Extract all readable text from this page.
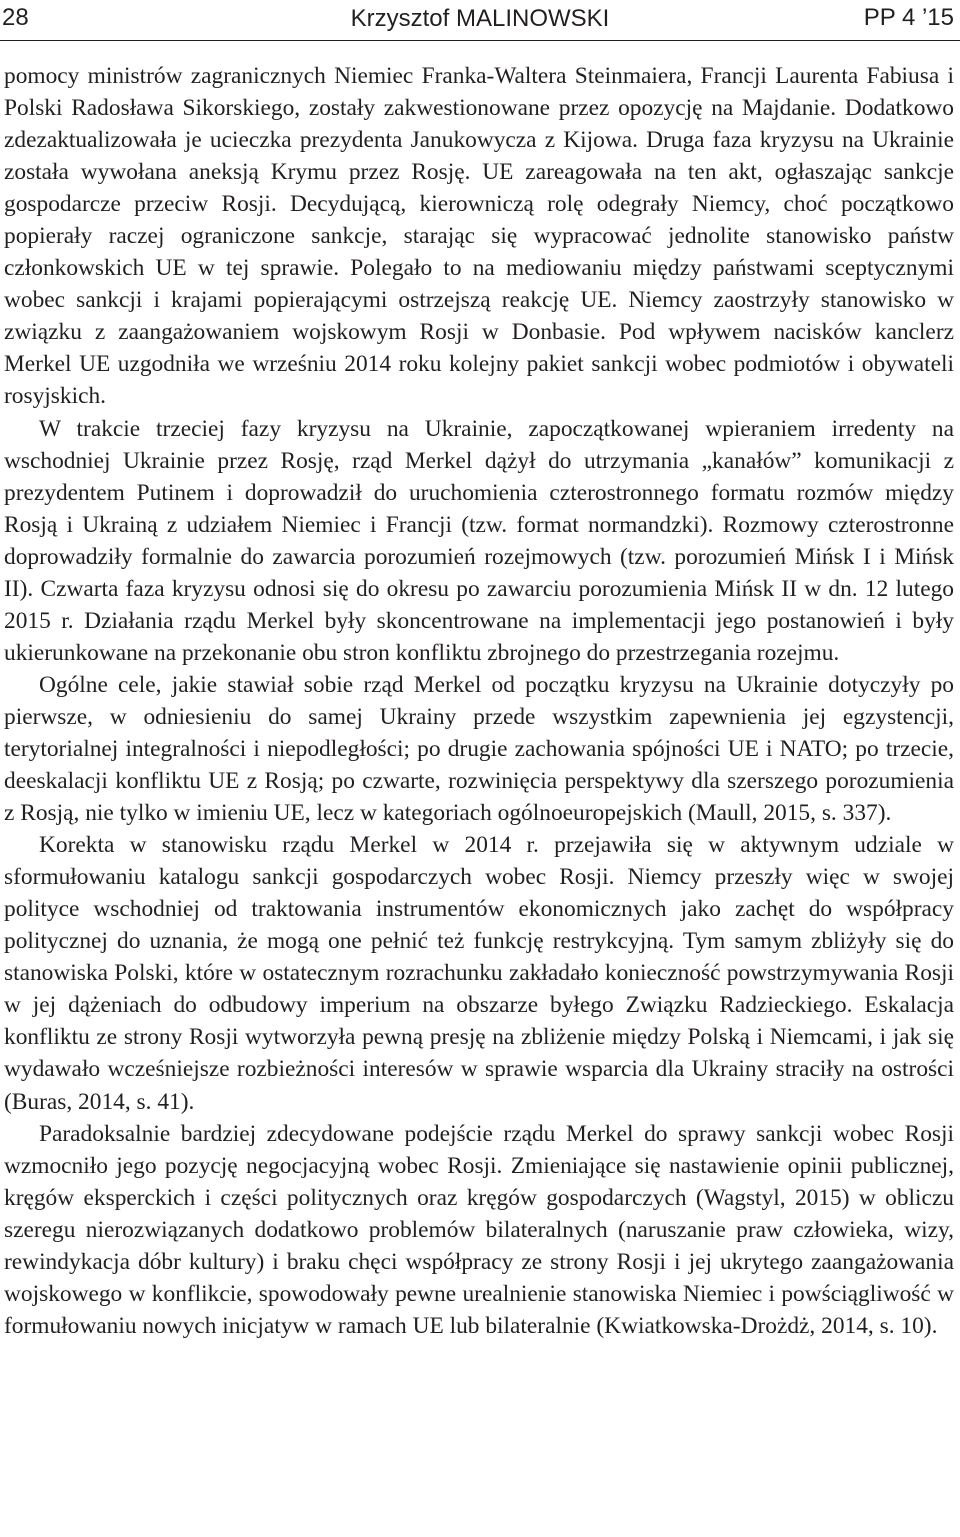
28	Krzysztof MALINOWSKI	PP 4 ’15

pomocy ministrów zagranicznych Niemiec Franka-Waltera Steinmaiera, Francji Laurenta Fabiusa i Polski Radosława Sikorskiego, zostały zakwestionowane przez opozycję na Majdanie. Dodatkowo zdezaktualizowała je ucieczka prezydenta Janukowycza z Kijowa. Druga faza kryzysu na Ukrainie została wywołana aneksją Krymu przez Rosję. UE zareagowała na ten akt, ogłaszając sankcje gospodarcze przeciw Rosji. Decydującą, kierowniczą rolę odegrały Niemcy, choć początkowo popierały raczej ograniczone sankcje, starając się wypracować jednolite stanowisko państw członkowskich UE w tej sprawie. Polegało to na mediowaniu między państwami sceptycznymi wobec sankcji i krajami popierającymi ostrzejszą reakcję UE. Niemcy zaostrzyły stanowisko w związku z zaangażowaniem wojskowym Rosji w Donbasie. Pod wpływem nacisków kanclerz Merkel UE uzgodniła we wrześniu 2014 roku kolejny pakiet sankcji wobec podmiotów i obywateli rosyjskich.

W trakcie trzeciej fazy kryzysu na Ukrainie, zapoczątkowanej wpieraniem irredenty na wschodniej Ukrainie przez Rosję, rząd Merkel dążył do utrzymania „kanałów” komunikacji z prezydentem Putinem i doprowadził do uruchomienia czterostronnego formatu rozmów między Rosją i Ukrainą z udziałem Niemiec i Francji (tzw. format normandzki). Rozmowy czterostronne doprowadziły formalnie do zawarcia porozumień rozejmowych (tzw. porozumień Mińsk I i Mińsk II). Czwarta faza kryzysu odnosi się do okresu po zawarciu porozumienia Mińsk II w dn. 12 lutego 2015 r. Działania rządu Merkel były skoncentrowane na implementacji jego postanowień i były ukierunkowane na przekonanie obu stron konfliktu zbrojnego do przestrzegania rozejmu.

Ogólne cele, jakie stawiał sobie rząd Merkel od początku kryzysu na Ukrainie dotyczyły po pierwsze, w odniesieniu do samej Ukrainy przede wszystkim zapewnienia jej egzystencji, terytorialnej integralności i niepodległości; po drugie zachowania spójności UE i NATO; po trzecie, deeskalacji konfliktu UE z Rosją; po czwarte, rozwinięcia perspektywy dla szerszego porozumienia z Rosją, nie tylko w imieniu UE, lecz w kategoriach ogólnoeuropejskich (Maull, 2015, s. 337).

Korekta w stanowisku rządu Merkel w 2014 r. przejawiła się w aktywnym udziale w sformułowaniu katalogu sankcji gospodarczych wobec Rosji. Niemcy przeszły więc w swojej polityce wschodniej od traktowania instrumentów ekonomicznych jako zachęt do współpracy politycznej do uznania, że mogą one pełnić też funkcję restrykcyjną. Tym samym zbliżyły się do stanowiska Polski, które w ostatecznym rozrachunku zakładało konieczność powstrzymywania Rosji w jej dążeniach do odbudowy imperium na obszarze byłego Związku Radzieckiego. Eskalacja konfliktu ze strony Rosji wytworzyła pewną presję na zbliżenie między Polską i Niemcami, i jak się wydawało wcześniejsze rozbieżności interesów w sprawie wsparcia dla Ukrainy straciły na ostrości (Buras, 2014, s. 41).

Paradoksalnie bardziej zdecydowane podejście rządu Merkel do sprawy sankcji wobec Rosji wzmocniło jego pozycję negocjacyjną wobec Rosji. Zmieniające się nastawienie opinii publicznej, kręgów eksperckich i części politycznych oraz kręgów gospodarczych (Wagstyl, 2015) w obliczu szeregu nierozwiązanych dodatkowo problemów bilateralnych (naruszanie praw człowieka, wizy, rewindykacja dóbr kultury) i braku chęci współpracy ze strony Rosji i jej ukrytego zaangażowania wojskowego w konflikcie, spowodowały pewne urealnienie stanowiska Niemiec i powściągliwość w formułowaniu nowych inicjatyw w ramach UE lub bilateralnie (Kwiatkowska-Drożdż, 2014, s. 10).
